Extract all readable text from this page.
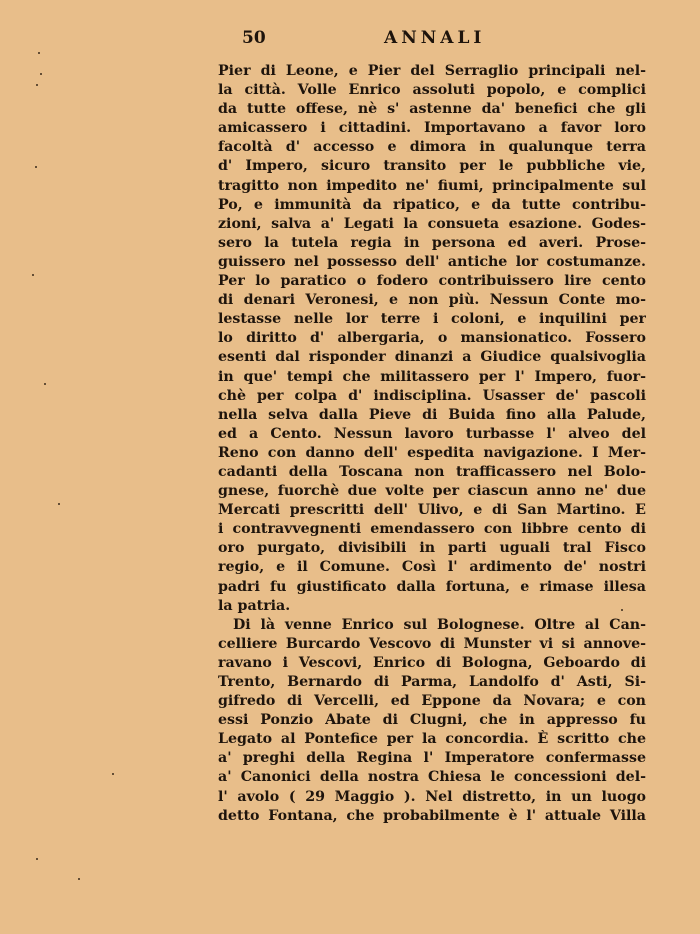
50	ANNALI
Pier di Leone, e Pier del Serraglio principali nel-
la città. Volle Enrico assoluti popolo, e complici
da tutte offese, nè s' astenne da' benefici che gli
amicassero i cittadini. Importavano a favor loro
facoltà d' accesso e dimora in qualunque terra
d' Impero, sicuro transito per le pubbliche vie,
tragitto non impedito ne' fiumi, principalmente sul
Po, e immunità da ripatico, e da tutte contribu-
zioni, salva a' Legati la consueta esazione. Godes-
sero la tutela regia in persona ed averi. Prose-
guissero nel possesso dell' antiche lor costumanze.
Per lo paratico o fodero contribuissero lire cento
di denari Veronesi, e non più. Nessun Conte mo-
lestasse nelle lor terre i coloni, e inquilini per
lo diritto d' albergaria, o mansionatico. Fossero
esenti dal risponder dinanzi a Giudice qualsivoglia
in que' tempi che militassero per l' Impero, fuor-
chè per colpa d' indisciplina. Usasser de' pascoli
nella selva dalla Pieve di Buida fino alla Palude,
ed a Cento. Nessun lavoro turbasse l' alveo del
Reno con danno dell' espedita navigazione. I Mer-
cadanti della Toscana non trafficassero nel Bolo-
gnese, fuorchè due volte per ciascun anno ne' due
Mercati prescritti dell' Ulivo, e di San Martino. E
i contravvegnenti emendassero con libbre cento di
oro purgato, divisibili in parti uguali tral Fisco
regio, e il Comune. Così l' ardimento de' nostri
padri fu giustificato dalla fortuna, e rimase illesa
la patria.
Di là venne Enrico sul Bolognese. Oltre al Can-
celliere Burcardo Vescovo di Munster vi si annove-
ravano i Vescovi, Enrico di Bologna, Geboardo di
Trento, Bernardo di Parma, Landolfo d' Asti, Si-
gifredo di Vercelli, ed Eppone da Novara; e con
essi Ponzio Abate di Clugni, che in appresso fu
Legato al Pontefice per la concordia. È scritto che
a' preghi della Regina l' Imperatore confermasse
a' Canonici della nostra Chiesa le concessioni del-
l' avolo ( 29 Maggio ). Nel distretto, in un luogo
detto Fontana, che probabilmente è l' attuale Villa
